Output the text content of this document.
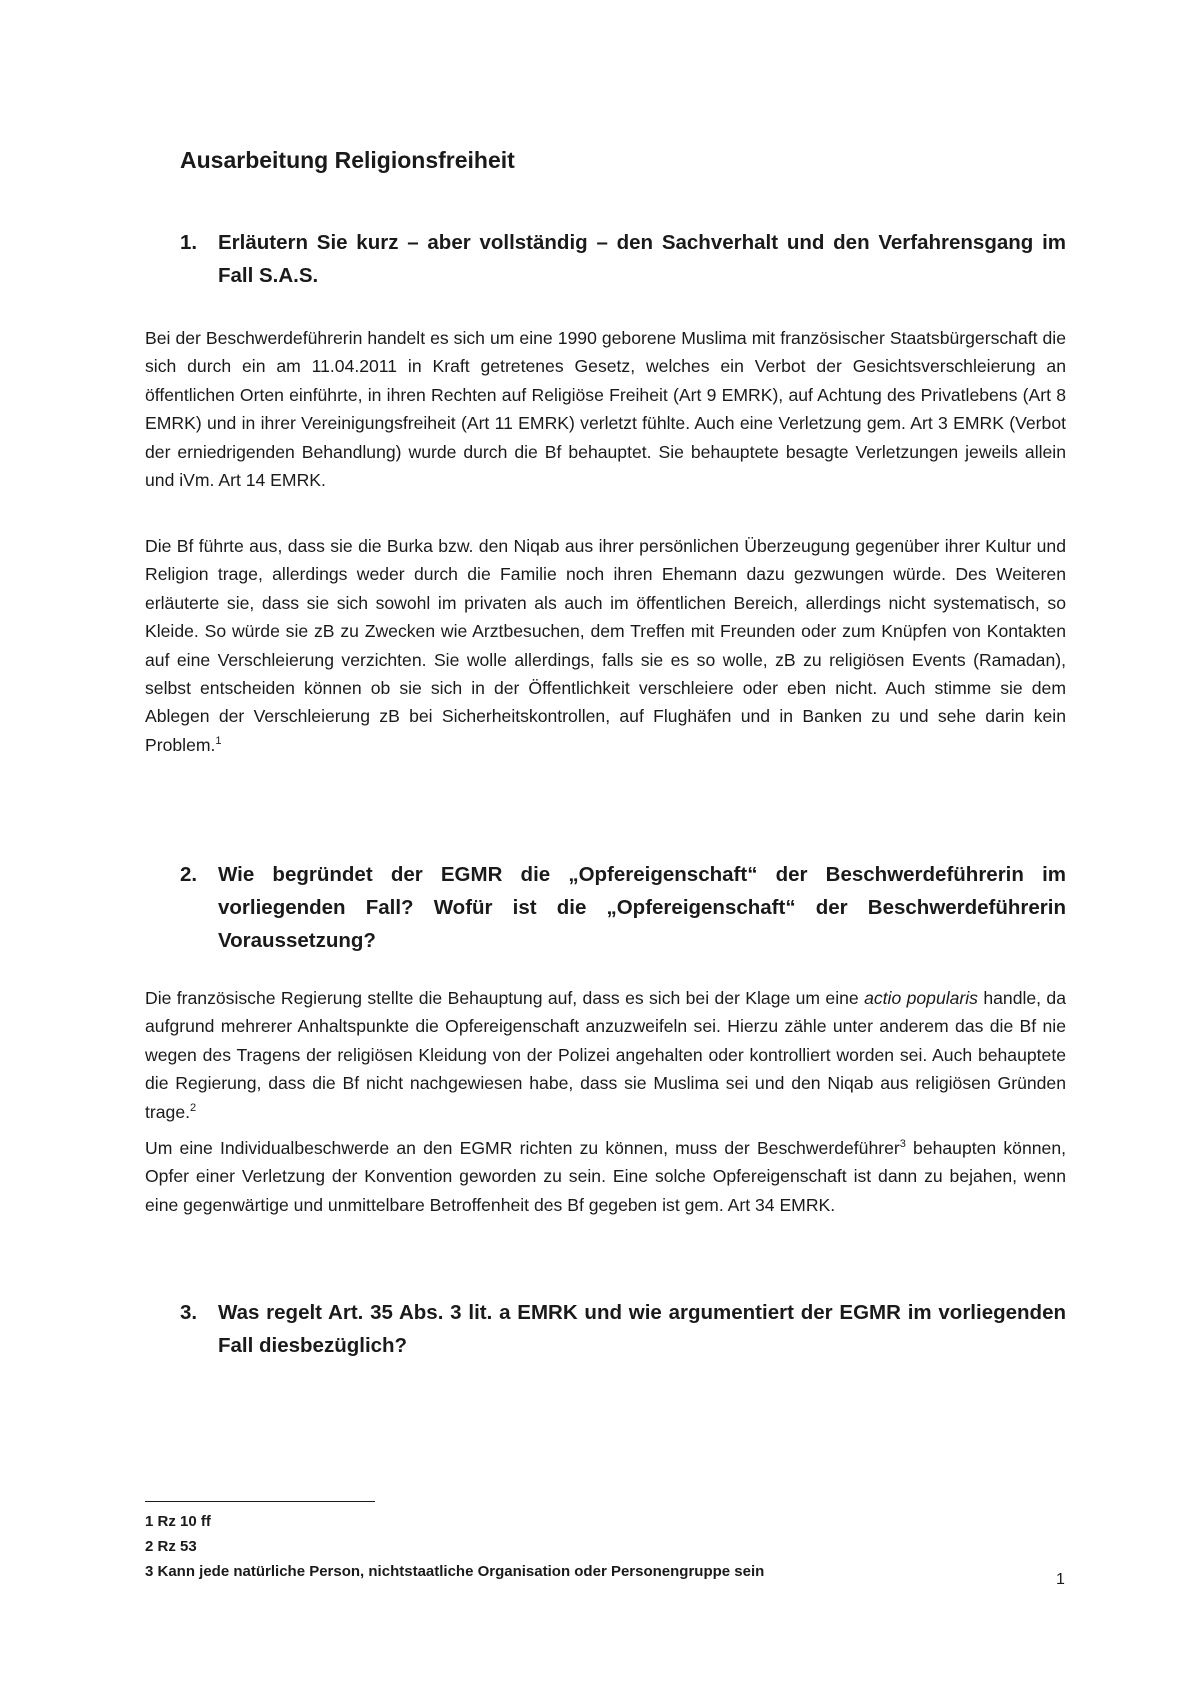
Ausarbeitung Religionsfreiheit
1. Erläutern Sie kurz – aber vollständig – den Sachverhalt und den Verfahrensgang im Fall S.A.S.

Bei der Beschwerdeführerin handelt es sich um eine 1990 geborene Muslima mit französischer Staatsbürgerschaft die sich durch ein am 11.04.2011 in Kraft getretenes Gesetz, welches ein Verbot der Gesichtsverschleierung an öffentlichen Orten einführte, in ihren Rechten auf Religiöse Freiheit (Art 9 EMRK), auf Achtung des Privatlebens (Art 8 EMRK) und in ihrer Vereinigungsfreiheit (Art 11 EMRK) verletzt fühlte. Auch eine Verletzung gem. Art 3 EMRK (Verbot der erniedrigenden Behandlung) wurde durch die Bf behauptet. Sie behauptete besagte Verletzungen jeweils allein und iVm. Art 14 EMRK.

Die Bf führte aus, dass sie die Burka bzw. den Niqab aus ihrer persönlichen Überzeugung gegenüber ihrer Kultur und Religion trage, allerdings weder durch die Familie noch ihren Ehemann dazu gezwungen würde. Des Weiteren erläuterte sie, dass sie sich sowohl im privaten als auch im öffentlichen Bereich, allerdings nicht systematisch, so Kleide. So würde sie zB zu Zwecken wie Arztbesuchen, dem Treffen mit Freunden oder zum Knüpfen von Kontakten auf eine Verschleierung verzichten. Sie wolle allerdings, falls sie es so wolle, zB zu religiösen Events (Ramadan), selbst entscheiden können ob sie sich in der Öffentlichkeit verschleiere oder eben nicht. Auch stimme sie dem Ablegen der Verschleierung zB bei Sicherheitskontrollen, auf Flughäfen und in Banken zu und sehe darin kein Problem.$^1$

2. Wie begründet der EGMR die „Opfereigenschaft“ der Beschwerdeführerin im vorliegenden Fall? Wofür ist die „Opfereigenschaft“ der Beschwerdeführerin Voraussetzung?

Die französische Regierung stellte die Behauptung auf, dass es sich bei der Klage um eine actio popularis handle, da aufgrund mehrerer Anhaltspunkte die Opfereigenschaft anzuzweifeln sei. Hierzu zähle unter anderem das die Bf nie wegen des Tragens der religiösen Kleidung von der Polizei angehalten oder kontrolliert worden sei. Auch behauptete die Regierung, dass die Bf nicht nachgewiesen habe, dass sie Muslima sei und den Niqab aus religiösen Gründen trage.$^2$

Um eine Individualbeschwerde an den EGMR richten zu können, muss der Beschwerdeführer$^3$ behaupten können, Opfer einer Verletzung der Konvention geworden zu sein. Eine solche Opfereigenschaft ist dann zu bejahen, wenn eine gegenwärtige und unmittelbare Betroffenheit des Bf gegeben ist gem. Art 34 EMRK.

3. Was regelt Art. 35 Abs. 3 lit. a EMRK und wie argumentiert der EGMR im vorliegenden Fall diesbezüglich?
1 Rz 10 ff
2 Rz 53
3 Kann jede natürliche Person, nichtstaatliche Organisation oder Personengruppe sein	1
